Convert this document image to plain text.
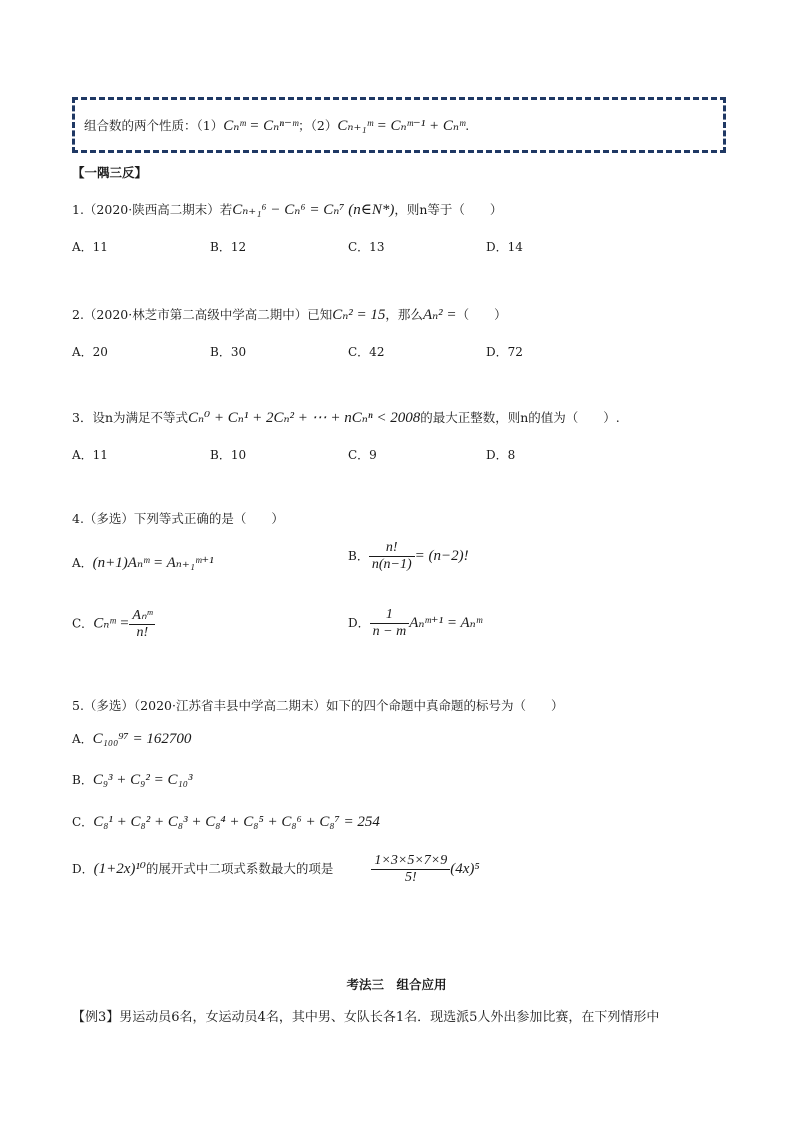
组合数的两个性质：（1）Cₙᵐ = Cₙⁿ⁻ᵐ；（2）Cₙ₊₁ᵐ = Cₙᵐ⁻¹ + Cₙᵐ.
【一隅三反】
1.（2020·陕西高二期末）若Cₙ₊₁⁶ − Cₙ⁶ = Cₙ⁷ (n∈N*)，则n等于（　　）
A．11	B．12	C．13	D．14
2.（2020·林芝市第二高级中学高二期中）已知Cₙ² = 15，那么Aₙ² =（　　）
A．20	B．30	C．42	D．72
3．设n为满足不等式Cₙ⁰ + Cₙ¹ + 2Cₙ² + ⋯ + nCₙⁿ < 2008的最大正整数，则n的值为（　　）.
A．11	B．10	C．9	D．8
4.（多选）下列等式正确的是（　　）
A．(n+1)Aₙᵐ = Aₙ₊₁ᵐ⁺¹	B． $\frac{n!}{n(n-1)} = (n-2)$!
C．Cₙᵐ = $\frac{\text{Aₙᵐ}}{n!}$	D． $\frac{1}{n - m}$ Aₙᵐ⁺¹ = Aₙᵐ
5.（多选）（2020·江苏省丰县中学高二期末）如下的四个命题中真命题的标号为（　　）
A．C₁₀₀⁹⁷ = 162700
B．C₉³ + C₉² = C₁₀³
C．C₈¹ + C₈² + C₈³ + C₈⁴ + C₈⁵ + C₈⁶ + C₈⁷ = 254
D．(1+2x)¹⁰的展开式中二项式系数最大的项是	$\frac{1\times 3\times 5\times 7\times 9}{5!} (4x)^5$
考法三　组合应用
【例3】男运动员6名，女运动员4名，其中男、女队长各1名．现选派5人外出参加比赛，在下列情形中
